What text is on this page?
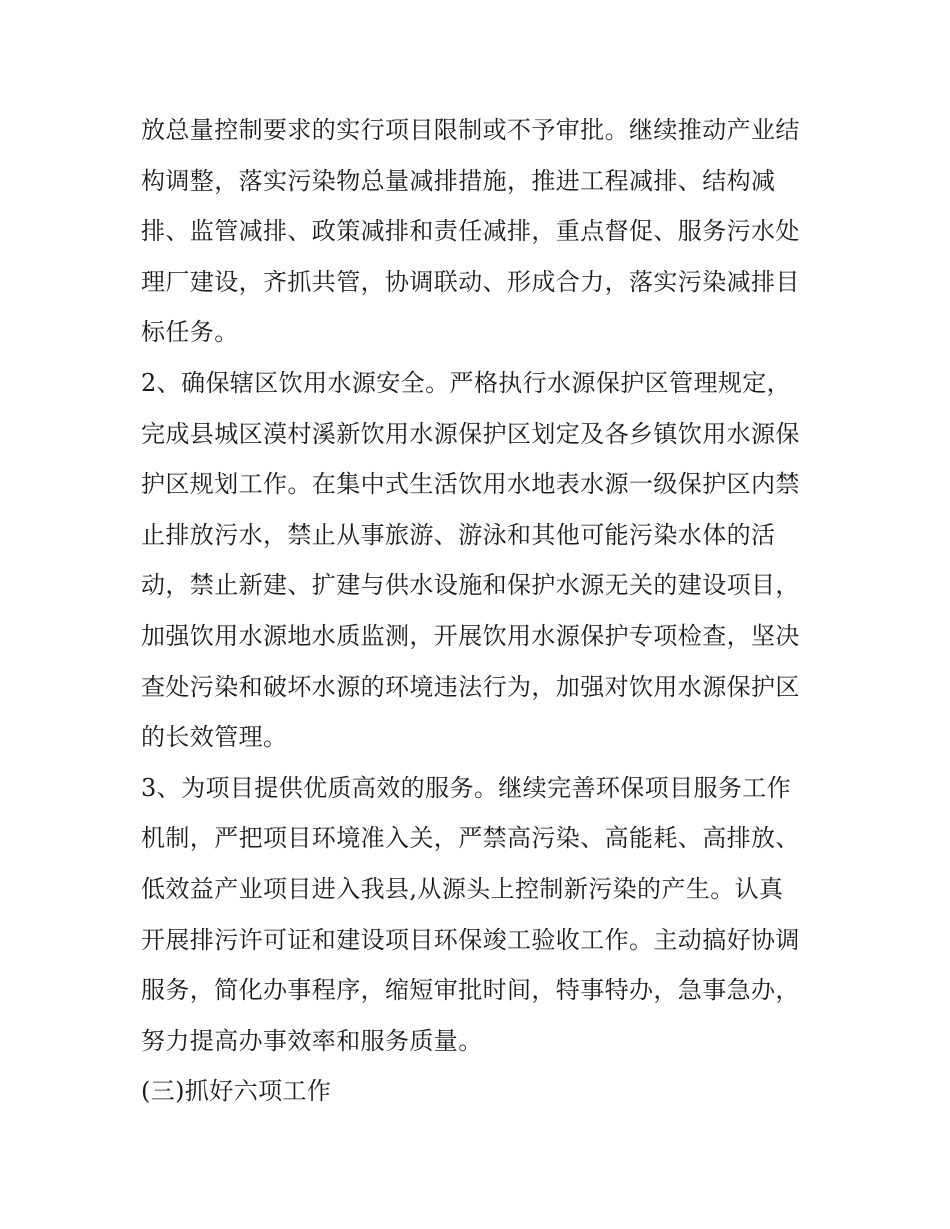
放总量控制要求的实行项目限制或不予审批。继续推动产业结
构调整，落实污染物总量减排措施，推进工程减排、结构减
排、监管减排、政策减排和责任减排，重点督促、服务污水处
理厂建设，齐抓共管，协调联动、形成合力，落实污染减排目
标任务。
2、确保辖区饮用水源安全。严格执行水源保护区管理规定，
完成县城区漠村溪新饮用水源保护区划定及各乡镇饮用水源保
护区规划工作。在集中式生活饮用水地表水源一级保护区内禁
止排放污水，禁止从事旅游、游泳和其他可能污染水体的活
动，禁止新建、扩建与供水设施和保护水源无关的建设项目，
加强饮用水源地水质监测，开展饮用水源保护专项检查，坚决
查处污染和破坏水源的环境违法行为，加强对饮用水源保护区
的长效管理。
3、为项目提供优质高效的服务。继续完善环保项目服务工作
机制，严把项目环境准入关，严禁高污染、高能耗、高排放、
低效益产业项目进入我县,从源头上控制新污染的产生。认真
开展排污许可证和建设项目环保竣工验收工作。主动搞好协调
服务，简化办事程序，缩短审批时间，特事特办，急事急办，
努力提高办事效率和服务质量。
(三)抓好六项工作
